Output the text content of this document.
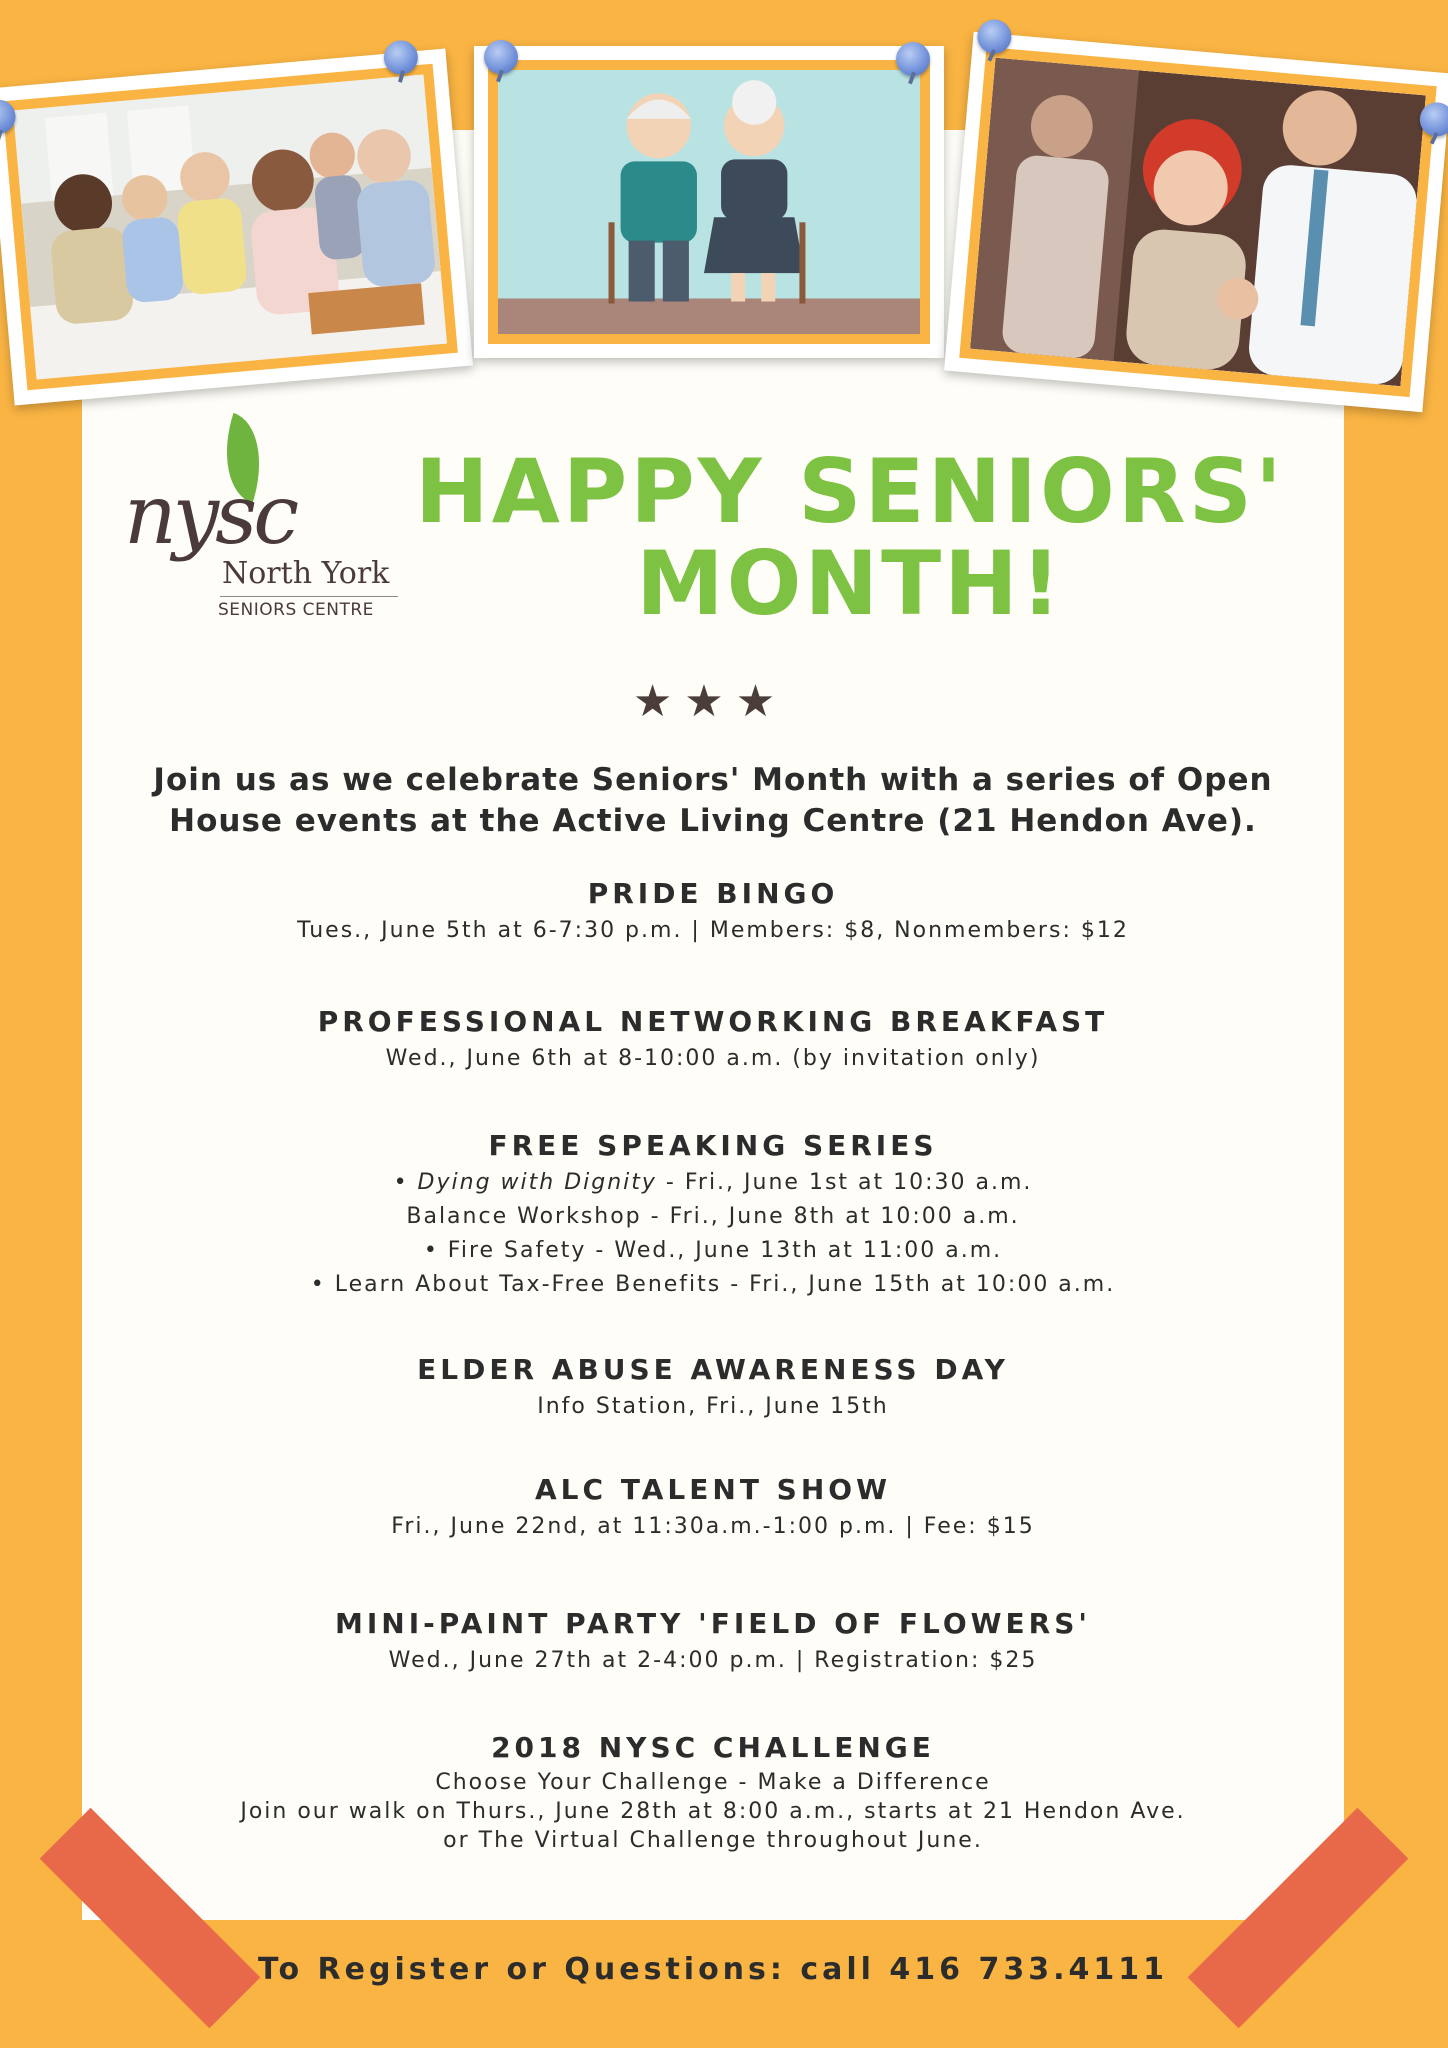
nysc
North York
SENIORS CENTRE
HAPPY SENIORS'
MONTH!
★★★
Join us as we celebrate Seniors' Month with a series of Open
House events at the Active Living Centre (21 Hendon Ave).
PRIDE BINGO
Tues., June 5th at 6-7:30 p.m. | Members: $8, Nonmembers: $12
PROFESSIONAL NETWORKING BREAKFAST
Wed., June 6th at 8-10:00 a.m. (by invitation only)
FREE SPEAKING SERIES
• Dying with Dignity - Fri., June 1st at 10:30 a.m.
Balance Workshop - Fri., June 8th at 10:00 a.m.
• Fire Safety - Wed., June 13th at 11:00 a.m.
• Learn About Tax-Free Benefits - Fri., June 15th at 10:00 a.m.
ELDER ABUSE AWARENESS DAY
Info Station, Fri., June 15th
ALC TALENT SHOW
Fri., June 22nd, at 11:30a.m.-1:00 p.m. | Fee: $15
MINI-PAINT PARTY 'FIELD OF FLOWERS'
Wed., June 27th at 2-4:00 p.m. | Registration: $25
2018 NYSC CHALLENGE
Choose Your Challenge - Make a Difference
Join our walk on Thurs., June 28th at 8:00 a.m., starts at 21 Hendon Ave.
or The Virtual Challenge throughout June.
To Register or Questions: call 416 733.4111
